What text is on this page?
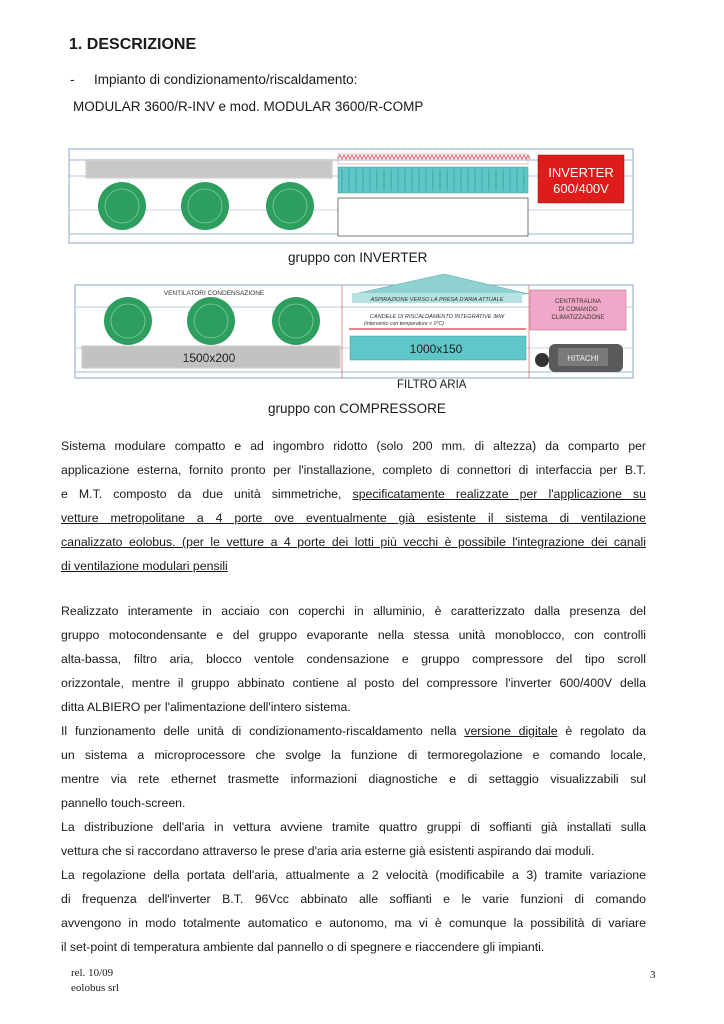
1. DESCRIZIONE
- Impianto di condizionamento/riscaldamento:
MODULAR 3600/R-INV e mod. MODULAR 3600/R-COMP
INVERTER
600/400V
gruppo con INVERTER
VENTILATORI CONDENSAZIONE
1500x200
ASPIRAZIONE VERSO LA PRESA D'ARIA ATTUALE
CANDELE DI RISCALDAMENTO INTEGRATIVE 3kW
(intervento con temperature < 0°C)
1000x150
CENTRTRALINA
DI COMANDO
CLIMATIZZAZIONE
HITACHI
FILTRO ARIA
gruppo con COMPRESSORE
Sistema modulare compatto e ad ingombro ridotto (solo 200 mm. di altezza) da comparto per
applicazione esterna, fornito pronto per l'installazione, completo di connettori di interfaccia per B.T.
e M.T. composto da due unità simmetriche, specificatamente realizzate per l'applicazione su
vetture metropolitane a 4 porte ove eventualmente già esistente il sistema di ventilazione
canalizzato eolobus. (per le vetture a 4 porte dei lotti più vecchi è possibile l'integrazione dei canali
di ventilazione modulari pensili
Realizzato interamente in acciaio con coperchi in alluminio, è caratterizzato dalla presenza del
gruppo motocondensante e del gruppo evaporante nella stessa unità monoblocco, con controlli
alta-bassa, filtro aria, blocco ventole condensazione e gruppo compressore del tipo scroll
orizzontale, mentre il gruppo abbinato contiene al posto del compressore l'inverter 600/400V della
ditta ALBIERO per l'alimentazione dell'intero sistema.
Il funzionamento delle unità di condizionamento-riscaldamento nella versione digitale è regolato da
un sistema a microprocessore che svolge la funzione di termoregolazione e comando locale,
mentre via rete ethernet trasmette informazioni diagnostiche e di settaggio visualizzabili sul
pannello touch-screen.
La distribuzione dell'aria in vettura avviene tramite quattro gruppi di soffianti già installati sulla
vettura che si raccordano attraverso le prese d'aria aria esterne già esistenti aspirando dai moduli.
La regolazione della portata dell'aria, attualmente a 2 velocità (modificabile a 3) tramite variazione
di frequenza dell'inverter B.T. 96Vcc abbinato alle soffianti e le varie funzioni di comando
avvengono in modo totalmente automatico e autonomo, ma vi è comunque la possibilità di variare
il set-point di temperatura ambiente dal pannello o di spegnere e riaccendere gli impianti.
rel. 10/09
eolobus srl
3
